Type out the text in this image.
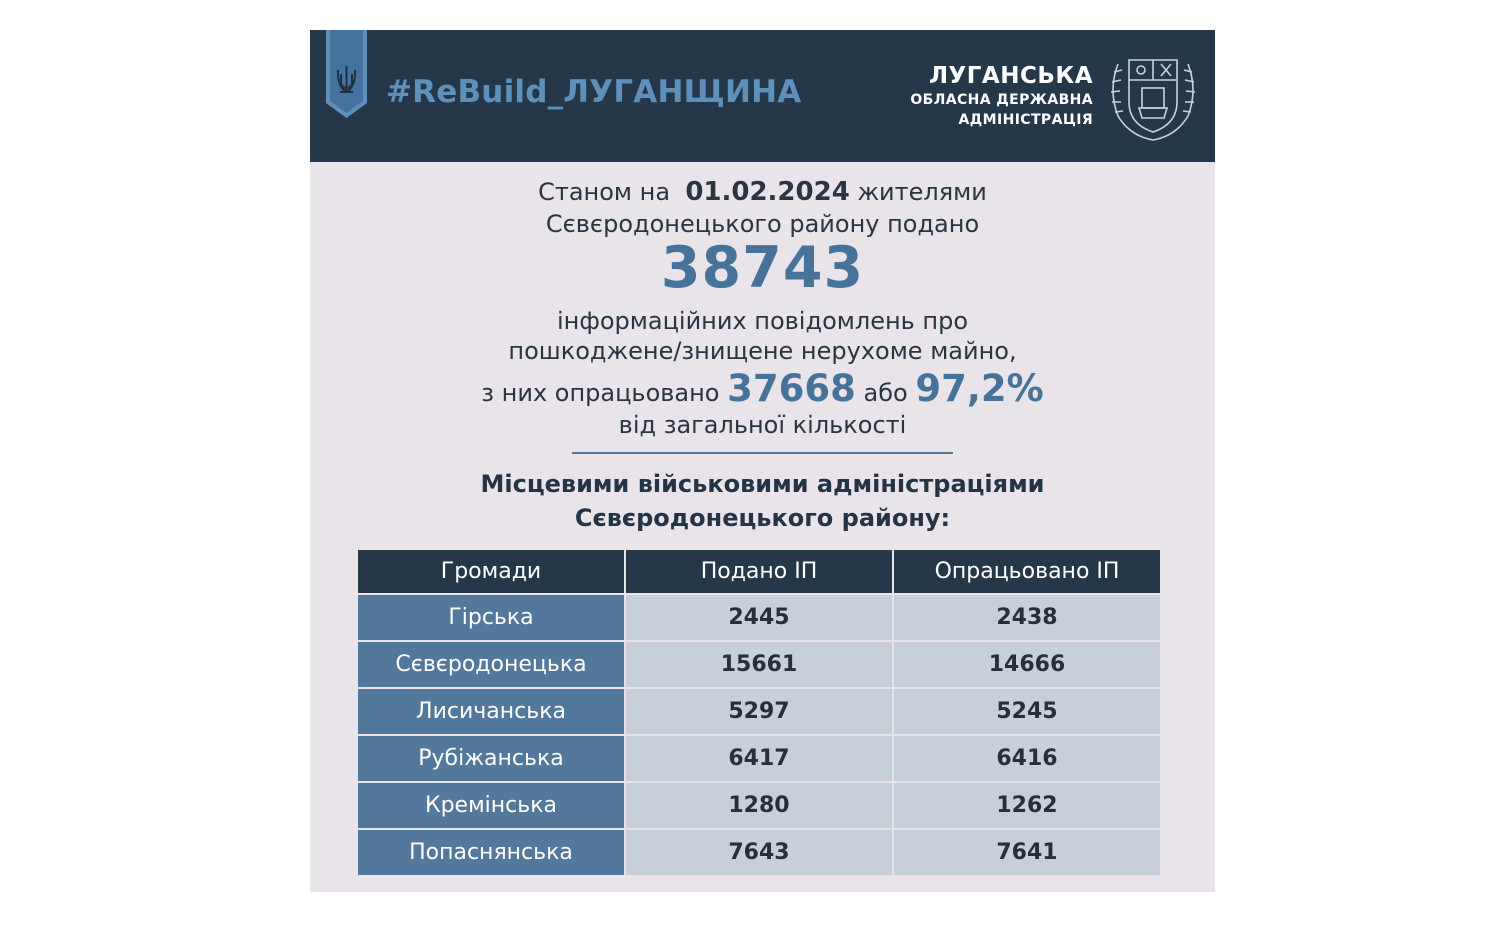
#ReBuild_ЛУГАНЩИНА	ЛУГАНСЬКА
ОБЛАСНА ДЕРЖАВНА
АДМІНІСТРАЦІЯ
Станом на 01.02.2024 жителями
Сєвєродонецького району подано
38743
інформаційних повідомлень про
пошкоджене/знищене нерухоме майно,
з них опрацьовано 37668 або 97,2%
від загальної кількості
Місцевими військовими адміністраціями
Сєвєродонецького району:
Громади	Подано ІП	Опрацьовано ІП
Гірська	2445	2438
Сєвєродонецька	15661	14666
Лисичанська	5297	5245
Рубіжанська	6417	6416
Кремінська	1280	1262
Попаснянська	7643	7641
